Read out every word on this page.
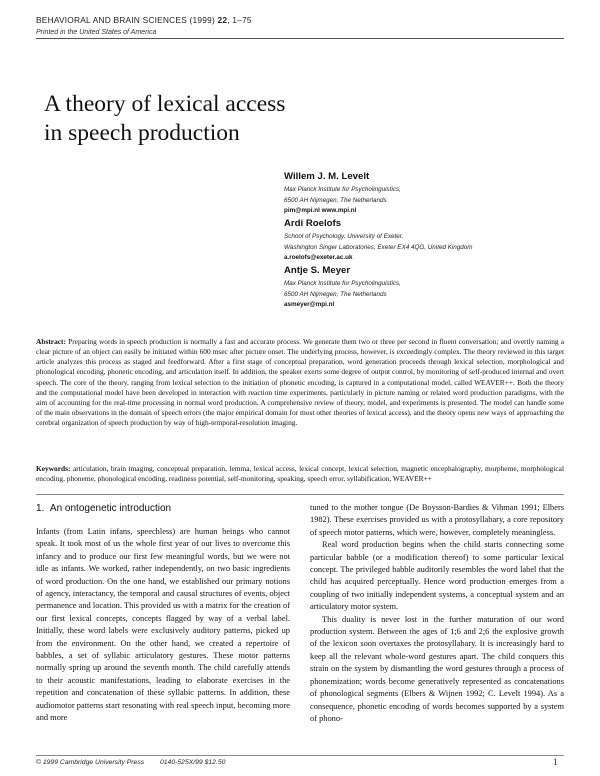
BEHAVIORAL AND BRAIN SCIENCES (1999) 22, 1–75
Printed in the United States of America
A theory of lexical access
in speech production
Willem J. M. Levelt
Max Planck Institute for Psycholinguistics,
6500 AH Nijmegen, The Netherlands
pim@mpi.nl www.mpi.nl
Ardi Roelofs
School of Psychology, University of Exeter,
Washington Singer Laboratories, Exeter EX4 4QG, United Kingdom
a.roelofs@exeter.ac.uk
Antje S. Meyer
Max Planck Institute for Psycholinguistics,
6500 AH Nijmegen, The Netherlands
asmeyer@mpi.nl
Abstract: Preparing words in speech production is normally a fast and accurate process. We generate them two or three per second in fluent conversation; and overtly naming a clear picture of an object can easily be initiated within 600 msec after picture onset. The underlying process, however, is exceedingly complex. The theory reviewed in this target article analyzes this process as staged and feedforward. After a first stage of conceptual preparation, word generation proceeds through lexical selection, morphological and phonological encoding, phonetic encoding, and articulation itself. In addition, the speaker exerts some degree of output control, by monitoring of self-produced internal and overt speech. The core of the theory, ranging from lexical selection to the initiation of phonetic encoding, is captured in a computational model, called WEAVER++. Both the theory and the computational model have been developed in interaction with reaction time experiments, particularly in picture naming or related word production paradigms, with the aim of accounting for the real-time processing in normal word production. A comprehensive review of theory, model, and experiments is presented. The model can handle some of the main observations in the domain of speech errors (the major empirical domain for most other theories of lexical access), and the theory opens new ways of approaching the cerebral organization of speech production by way of high-temporal-resolution imaging.
Keywords: articulation, brain imaging, conceptual preparation, lemma, lexical access, lexical concept, lexical selection, magnetic encephalography, morpheme, morphological encoding, phoneme, phonological encoding, readiness potential, self-monitoring, speaking, speech error, syllabification, WEAVER++
1. An ontogenetic introduction

Infants (from Latin infans, speechless) are human beings who cannot speak. It took most of us the whole first year of our lives to overcome this infancy and to produce our first few meaningful words, but we were not idle as infants. We worked, rather independently, on two basic ingredients of word production. On the one hand, we established our primary notions of agency, interactancy, the temporal and causal structures of events, object permanence and location. This provided us with a matrix for the creation of our first lexical concepts, concepts flagged by way of a verbal label. Initially, these word labels were exclusively auditory patterns, picked up from the environment. On the other hand, we created a repertoire of babbles, a set of syllabic articulatory gestures. These motor patterns normally spring up around the seventh month. The child carefully attends to their acoustic manifestations, leading to elaborate exercises in the repetition and concatenation of these syllabic patterns. In addition, these audiomotor patterns start resonating with real speech input, becoming more and more

tuned to the mother tongue (De Boysson-Bardies & Vihman 1991; Elbers 1982). These exercises provided us with a protosyllabary, a core repository of speech motor patterns, which were, however, completely meaningless.

Real word production begins when the child starts connecting some particular babble (or a modification thereof) to some particular lexical concept. The privileged babble auditorily resembles the word label that the child has acquired perceptually. Hence word production emerges from a coupling of two initially independent systems, a conceptual system and an articulatory motor system.

This duality is never lost in the further maturation of our word production system. Between the ages of 1;6 and 2;6 the explosive growth of the lexicon soon overtaxes the protosyllabary. It is increasingly hard to keep all the relevant whole-word gestures apart. The child conquers this strain on the system by dismantling the word gestures through a process of phonemization; words become generatively represented as concatenations of phonological segments (Elbers & Wijnen 1992; C. Levelt 1994). As a consequence, phonetic encoding of words becomes supported by a system of phono-

© 1999 Cambridge University Press 0140-525X/99 $12.50	1
